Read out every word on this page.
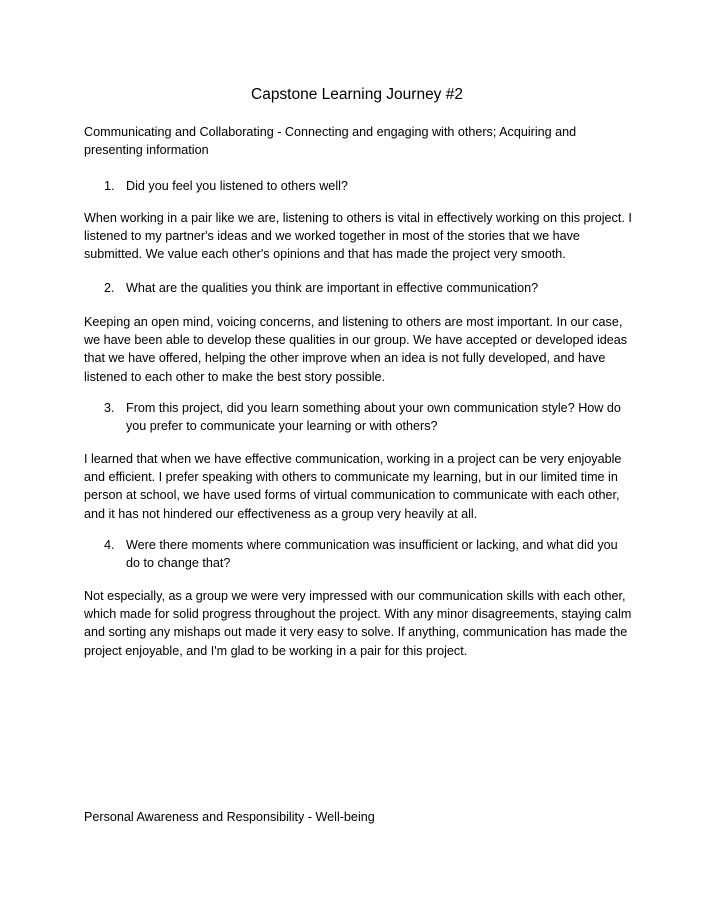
Capstone Learning Journey #2

Communicating and Collaborating - Connecting and engaging with others; Acquiring and presenting information

1. Did you feel you listened to others well?

When working in a pair like we are, listening to others is vital in effectively working on this project. I listened to my partner's ideas and we worked together in most of the stories that we have submitted. We value each other's opinions and that has made the project very smooth.

2. What are the qualities you think are important in effective communication?

Keeping an open mind, voicing concerns, and listening to others are most important. In our case, we have been able to develop these qualities in our group. We have accepted or developed ideas that we have offered, helping the other improve when an idea is not fully developed, and have listened to each other to make the best story possible.

3. From this project, did you learn something about your own communication style? How do you prefer to communicate your learning or with others?

I learned that when we have effective communication, working in a project can be very enjoyable and efficient. I prefer speaking with others to communicate my learning, but in our limited time in person at school, we have used forms of virtual communication to communicate with each other, and it has not hindered our effectiveness as a group very heavily at all.

4. Were there moments where communication was insufficient or lacking, and what did you do to change that?

Not especially, as a group we were very impressed with our communication skills with each other, which made for solid progress throughout the project. With any minor disagreements, staying calm and sorting any mishaps out made it very easy to solve. If anything, communication has made the project enjoyable, and I'm glad to be working in a pair for this project.

Personal Awareness and Responsibility - Well-being
